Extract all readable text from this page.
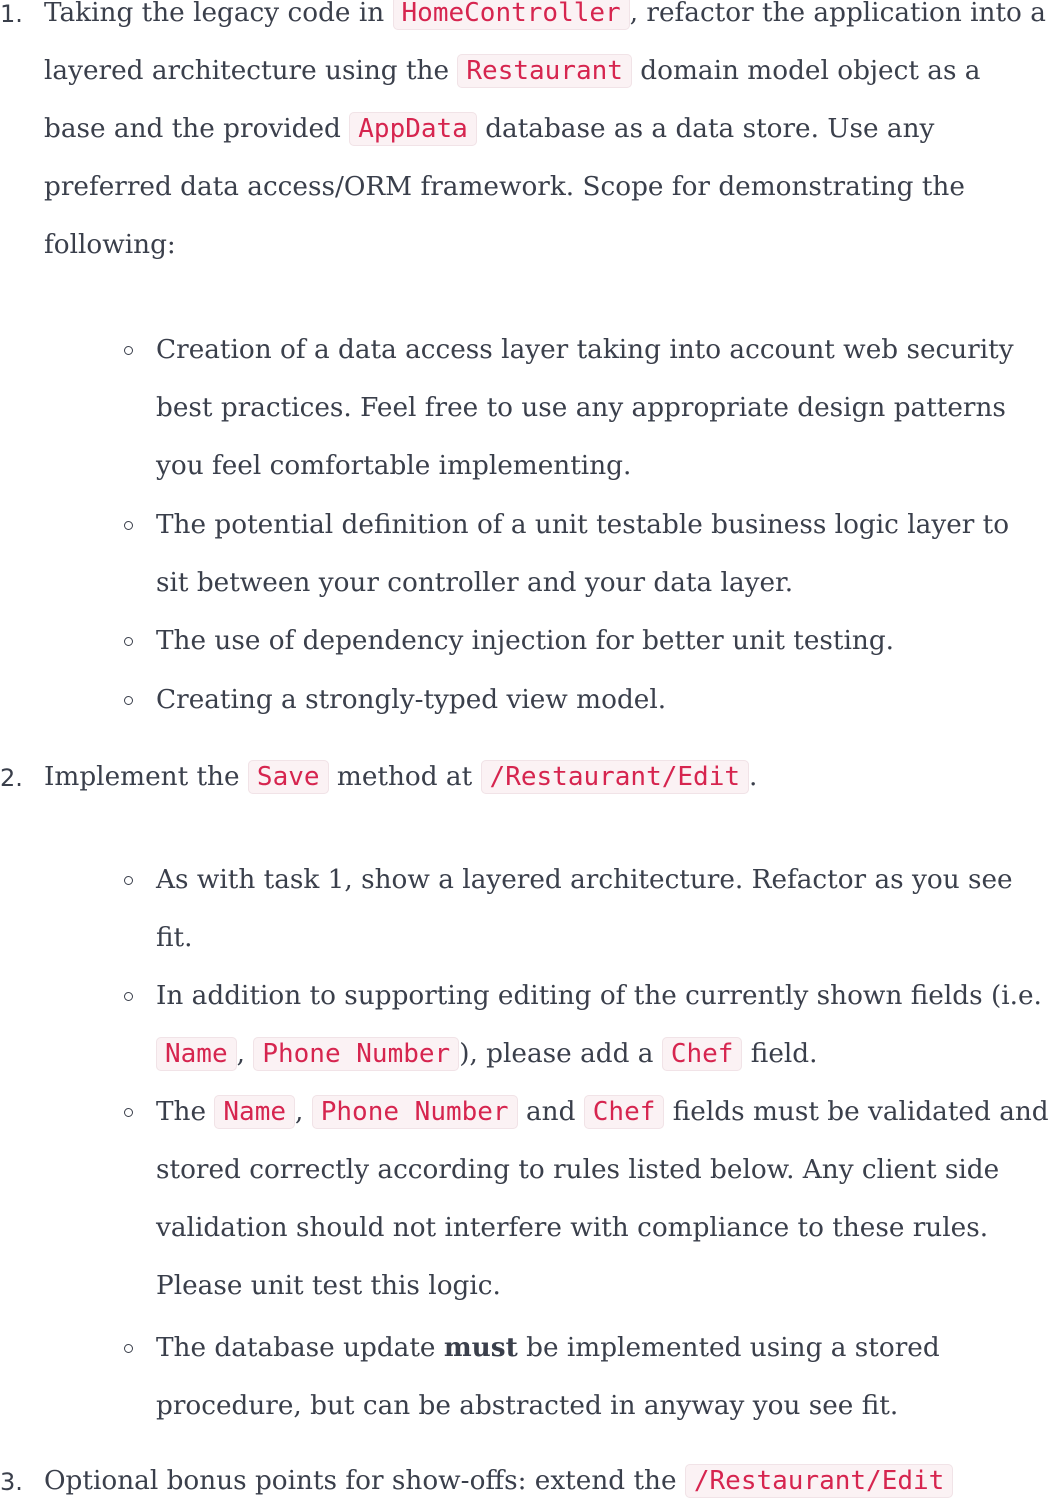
1. Taking the legacy code in HomeController , refactor the application into a layered architecture using the Restaurant domain model object as a base and the provided AppData database as a data store. Use any preferred data access/ORM framework. Scope for demonstrating the following:

Creation of a data access layer taking into account web security best practices. Feel free to use any appropriate design patterns you feel comfortable implementing.

The potential definition of a unit testable business logic layer to sit between your controller and your data layer.

The use of dependency injection for better unit testing.

Creating a strongly-typed view model.

2. Implement the Save method at /Restaurant/Edit .

As with task 1, show a layered architecture. Refactor as you see fit.

In addition to supporting editing of the currently shown fields (i.e. Name , Phone Number ), please add a Chef field.

The Name , Phone Number and Chef fields must be validated and stored correctly according to rules listed below. Any client side validation should not interfere with compliance to these rules. Please unit test this logic.

The database update must be implemented using a stored procedure, but can be abstracted in anyway you see fit.

3. Optional bonus points for show-offs: extend the /Restaurant/Edit
